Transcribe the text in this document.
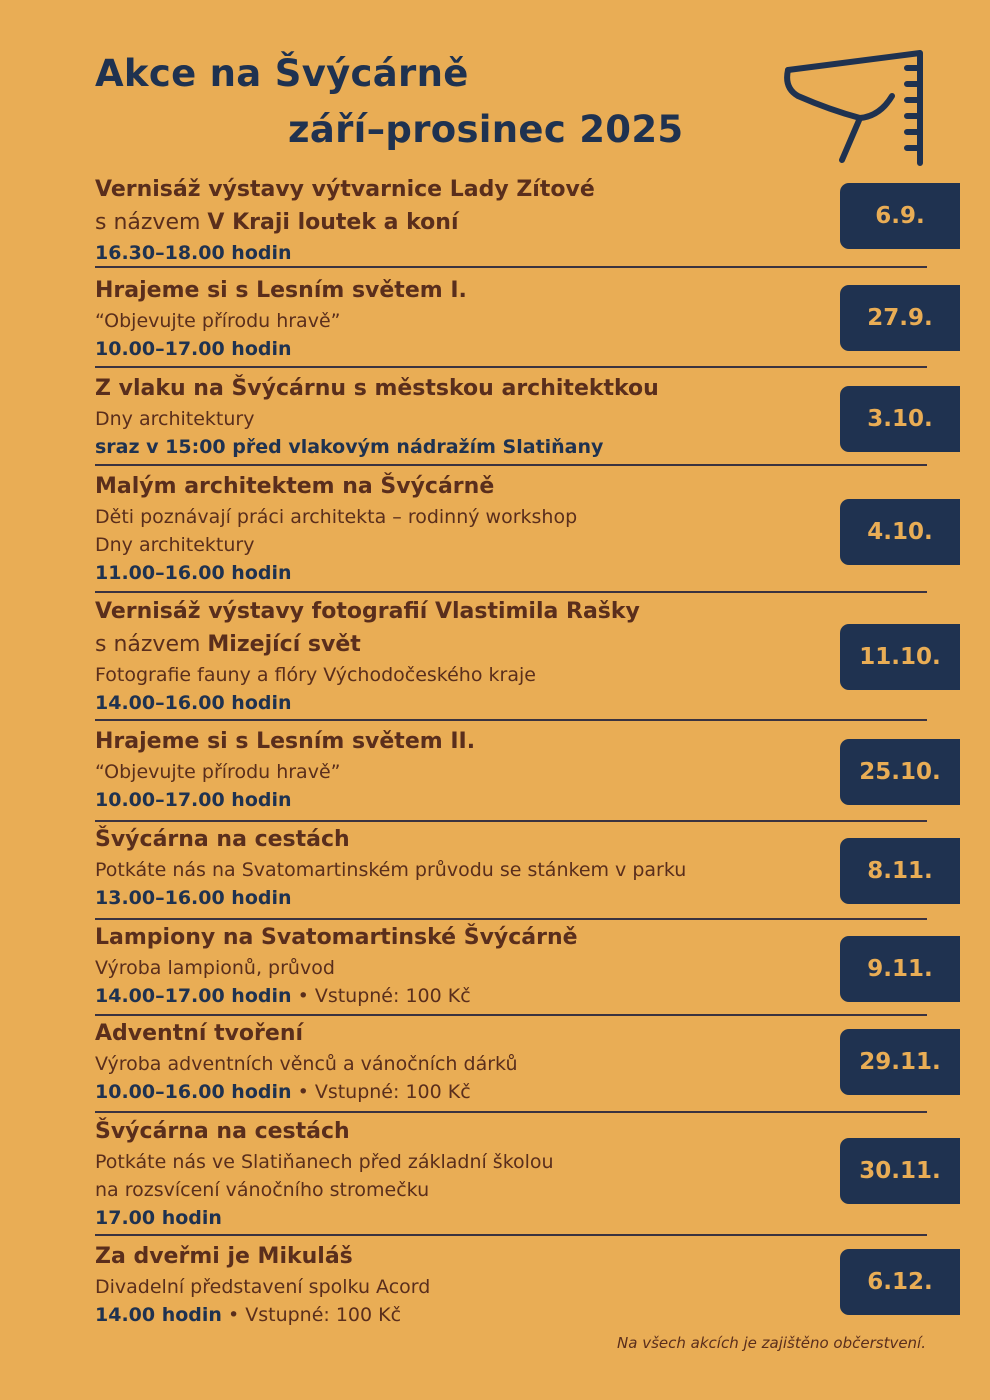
Akce na Švýcárně
září–prosinec 2025
Vernisáž výstavy výtvarnice Lady Zítové
s názvem V Kraji loutek a koní
16.30–18.00 hodin
6.9.
Hrajeme si s Lesním světem I.
“Objevujte přírodu hravě”
10.00–17.00 hodin
27.9.
Z vlaku na Švýcárnu s městskou architektkou
Dny architektury
sraz v 15:00 před vlakovým nádražím Slatiňany
3.10.
Malým architektem na Švýcárně
Děti poznávají práci architekta – rodinný workshop
Dny architektury
11.00–16.00 hodin
4.10.
Vernisáž výstavy fotografií Vlastimila Rašky
s názvem Mizející svět
Fotografie fauny a flóry Východočeského kraje
14.00–16.00 hodin
11.10.
Hrajeme si s Lesním světem II.
“Objevujte přírodu hravě”
10.00–17.00 hodin
25.10.
Švýcárna na cestách
Potkáte nás na Svatomartinském průvodu se stánkem v parku
13.00–16.00 hodin
8.11.
Lampiony na Svatomartinské Švýcárně
Výroba lampionů, průvod
14.00–17.00 hodin • Vstupné: 100 Kč
9.11.
Adventní tvoření
Výroba adventních věnců a vánočních dárků
10.00–16.00 hodin • Vstupné: 100 Kč
29.11.
Švýcárna na cestách
Potkáte nás ve Slatiňanech před základní školou
na rozsvícení vánočního stromečku
17.00 hodin
30.11.
Za dveřmi je Mikuláš
Divadelní představení spolku Acord
14.00 hodin • Vstupné: 100 Kč
6.12.
Na všech akcích je zajištěno občerstvení.
